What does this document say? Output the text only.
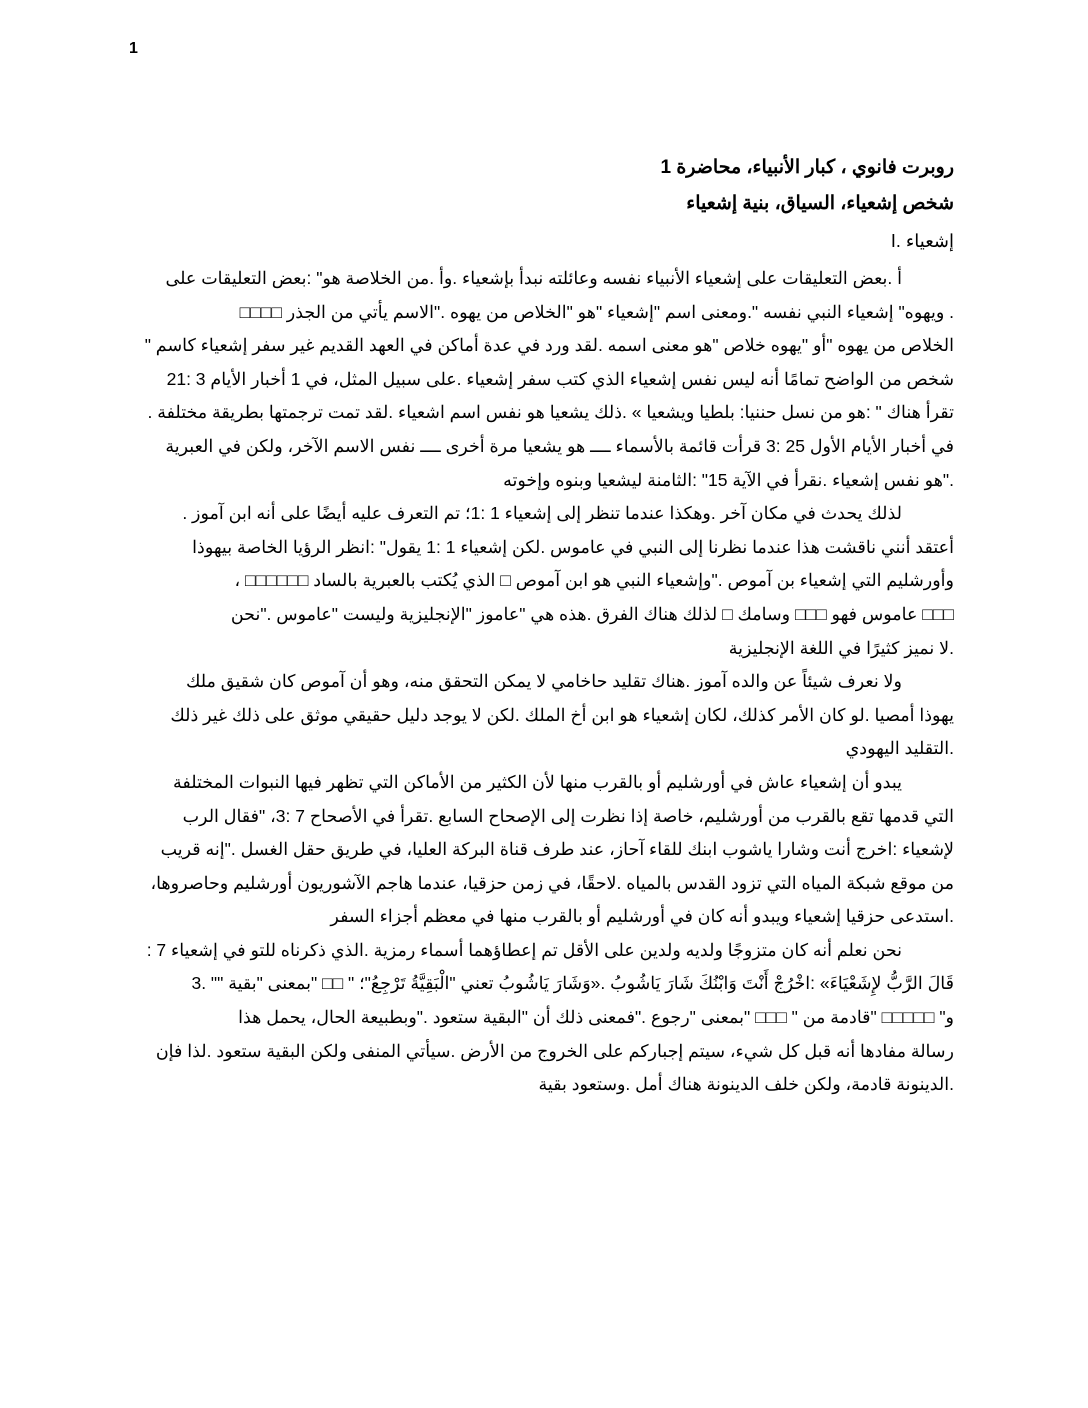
1

روبرت فانوي ، كبار الأنبياء، محاضرة 1

شخص إشعياء، السياق، بنية إشعياء

إشعياء .I

أ .بعض التعليقات على إشعياء الأنبياء نفسه وعائلته نبدأ بإشعياء .وأ .من الخلاصة هو" :بعض التعليقات على
. ويهوه" إشعياء النبي نفسه ".ومعنى اسم "إشعياء "هو "الخلاص من يهوه ."الاسم يأتي من الجذر □□□□
الخلاص من يهوه "أو "يهوه خلاص "هو معنى اسمه .لقد ورد في عدة أماكن في العهد القديم غير سفر إشعياء كاسم "
شخص من الواضح تمامًا أنه ليس نفس إشعياء الذي كتب سفر إشعياء .على سبيل المثل، في 1 أخبار الأيام 3 :21
تقرأ هناك " :هو من نسل حننيا: بلطيا ويشعيا » .ذلك يشعيا هو نفس اسم اشعياء .لقد تمت ترجمتها بطريقة مختلفة .
في أخبار الأيام الأول 25 :3 قرأت قائمة بالأسماء ــــ هو يشعيا مرة أخرى ــــ نفس الاسم الآخر، ولكن في العبرية
."هو نفس إشعياء .نقرأ في الآية 15" :الثامنة ليشعيا وبنوه وإخوته
لذلك يحدث في مكان آخر .وهكذا عندما تنظر إلى إشعياء 1 :1؛ تم التعرف عليه أيضًا على أنه ابن آموز .
أعتقد أنني ناقشت هذا عندما نظرنا إلى النبي في عاموس .لكن إشعياء 1 :1 يقول" :انظر الرؤيا الخاصة بيهوذا
وأورشليم التي إشعياء بن آموص ."وإشعياء النبي هو ابن آموص □ الذي يُكتب بالعبرية بالساد □□□□□□ ،
□□□ عاموس فهو □□□ وسامك □ لذلك هناك الفرق .هذه هي "عاموز "الإنجليزية وليست "عاموس ."نحن
.لا نميز كثيرًا في اللغة الإنجليزية
ولا نعرف شيئاً عن والده آموز .هناك تقليد حاخامي لا يمكن التحقق منه، وهو أن آموص كان شقيق ملك
يهوذا أمصيا .لو كان الأمر كذلك، لكان إشعياء هو ابن أخ الملك .لكن لا يوجد دليل حقيقي موثق على ذلك غير ذلك
.التقليد اليهودي
يبدو أن إشعياء عاش في أورشليم أو بالقرب منها لأن الكثير من الأماكن التي تظهر فيها النبوات المختلفة
التي قدمها تقع بالقرب من أورشليم، خاصة إذا نظرت إلى الإصحاح السابع .تقرأ في الأصحاح 7 :3، "فقال الرب
لإشعياء :اخرج أنت وشارا ياشوب ابنك للقاء آحاز، عند طرف قناة البركة العليا، في طريق حقل الغسل ."إنه قريب
من موقع شبكة المياه التي تزود القدس بالمياه .لاحقًا، في زمن حزقيا، عندما هاجم الآشوريون أورشليم وحاصروها،
.استدعى حزقيا إشعياء ويبدو أنه كان في أورشليم أو بالقرب منها في معظم أجزاء السفر
نحن نعلم أنه كان متزوجًا ولديه ولدين على الأقل تم إعطاؤهما أسماء رمزية .الذي ذكرناه للتو في إشعياء 7 :
قَالَ الرَّبُّ لإِشَعْيَاءَ» :اخْرُجْ أَنْتَ وَابْنُكَ شَارَ يَاشُوبُ .«وَشَارَ يَاشُوبُ تعني "الْبَقِيَّةُ تَرْجِعُ"؛ " □□ "بمعنى "بقية "" .3
و" □□□□□ "قادمة من " □□□ "بمعنى "رجوع ."فمعنى ذلك أن "البقية ستعود ."وبطبيعة الحال، يحمل هذا
رسالة مفادها أنه قبل كل شيء، سيتم إجباركم على الخروج من الأرض .سيأتي المنفى ولكن البقية ستعود .لذا فإن
.الدينونة قادمة، ولكن خلف الدينونة هناك أمل .وستعود بقية
